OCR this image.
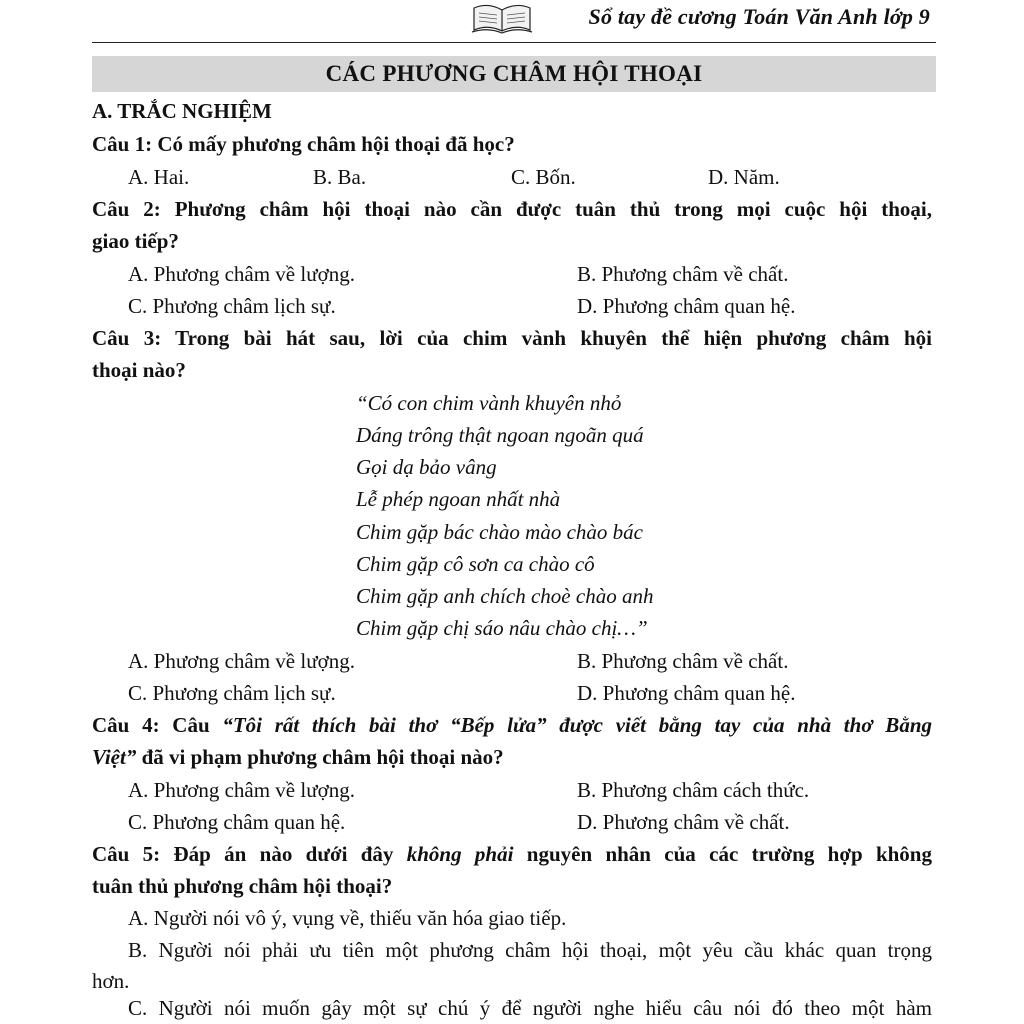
Sổ tay đề cương Toán Văn Anh lớp 9
CÁC PHƯƠNG CHÂM HỘI THOẠI
A. TRẮC NGHIỆM
Câu 1: Có mấy phương châm hội thoại đã học?
A. Hai.	B. Ba.	C. Bốn.	D. Năm.
Câu 2: Phương châm hội thoại nào cần được tuân thủ trong mọi cuộc hội thoại,
giao tiếp?
A. Phương châm về lượng.	B. Phương châm về chất.
C. Phương châm lịch sự.	D. Phương châm quan hệ.
Câu 3: Trong bài hát sau, lời của chim vành khuyên thể hiện phương châm hội
thoại nào?
“Có con chim vành khuyên nhỏ
Dáng trông thật ngoan ngoãn quá
Gọi dạ bảo vâng
Lễ phép ngoan nhất nhà
Chim gặp bác chào mào chào bác
Chim gặp cô sơn ca chào cô
Chim gặp anh chích choè chào anh
Chim gặp chị sáo nâu chào chị…”
A. Phương châm về lượng.	B. Phương châm về chất.
C. Phương châm lịch sự.	D. Phương châm quan hệ.
Câu 4: Câu “Tôi rất thích bài thơ “Bếp lửa” được viết bằng tay của nhà thơ Bằng
Việt” đã vi phạm phương châm hội thoại nào?
A. Phương châm về lượng.	B. Phương châm cách thức.
C. Phương châm quan hệ.	D. Phương châm về chất.
Câu 5: Đáp án nào dưới đây không phải nguyên nhân của các trường hợp không
tuân thủ phương châm hội thoại?
A. Người nói vô ý, vụng về, thiếu văn hóa giao tiếp.
B. Người nói phải ưu tiên một phương châm hội thoại, một yêu cầu khác quan trọng
hơn.
C. Người nói muốn gây một sự chú ý để người nghe hiểu câu nói đó theo một hàm
